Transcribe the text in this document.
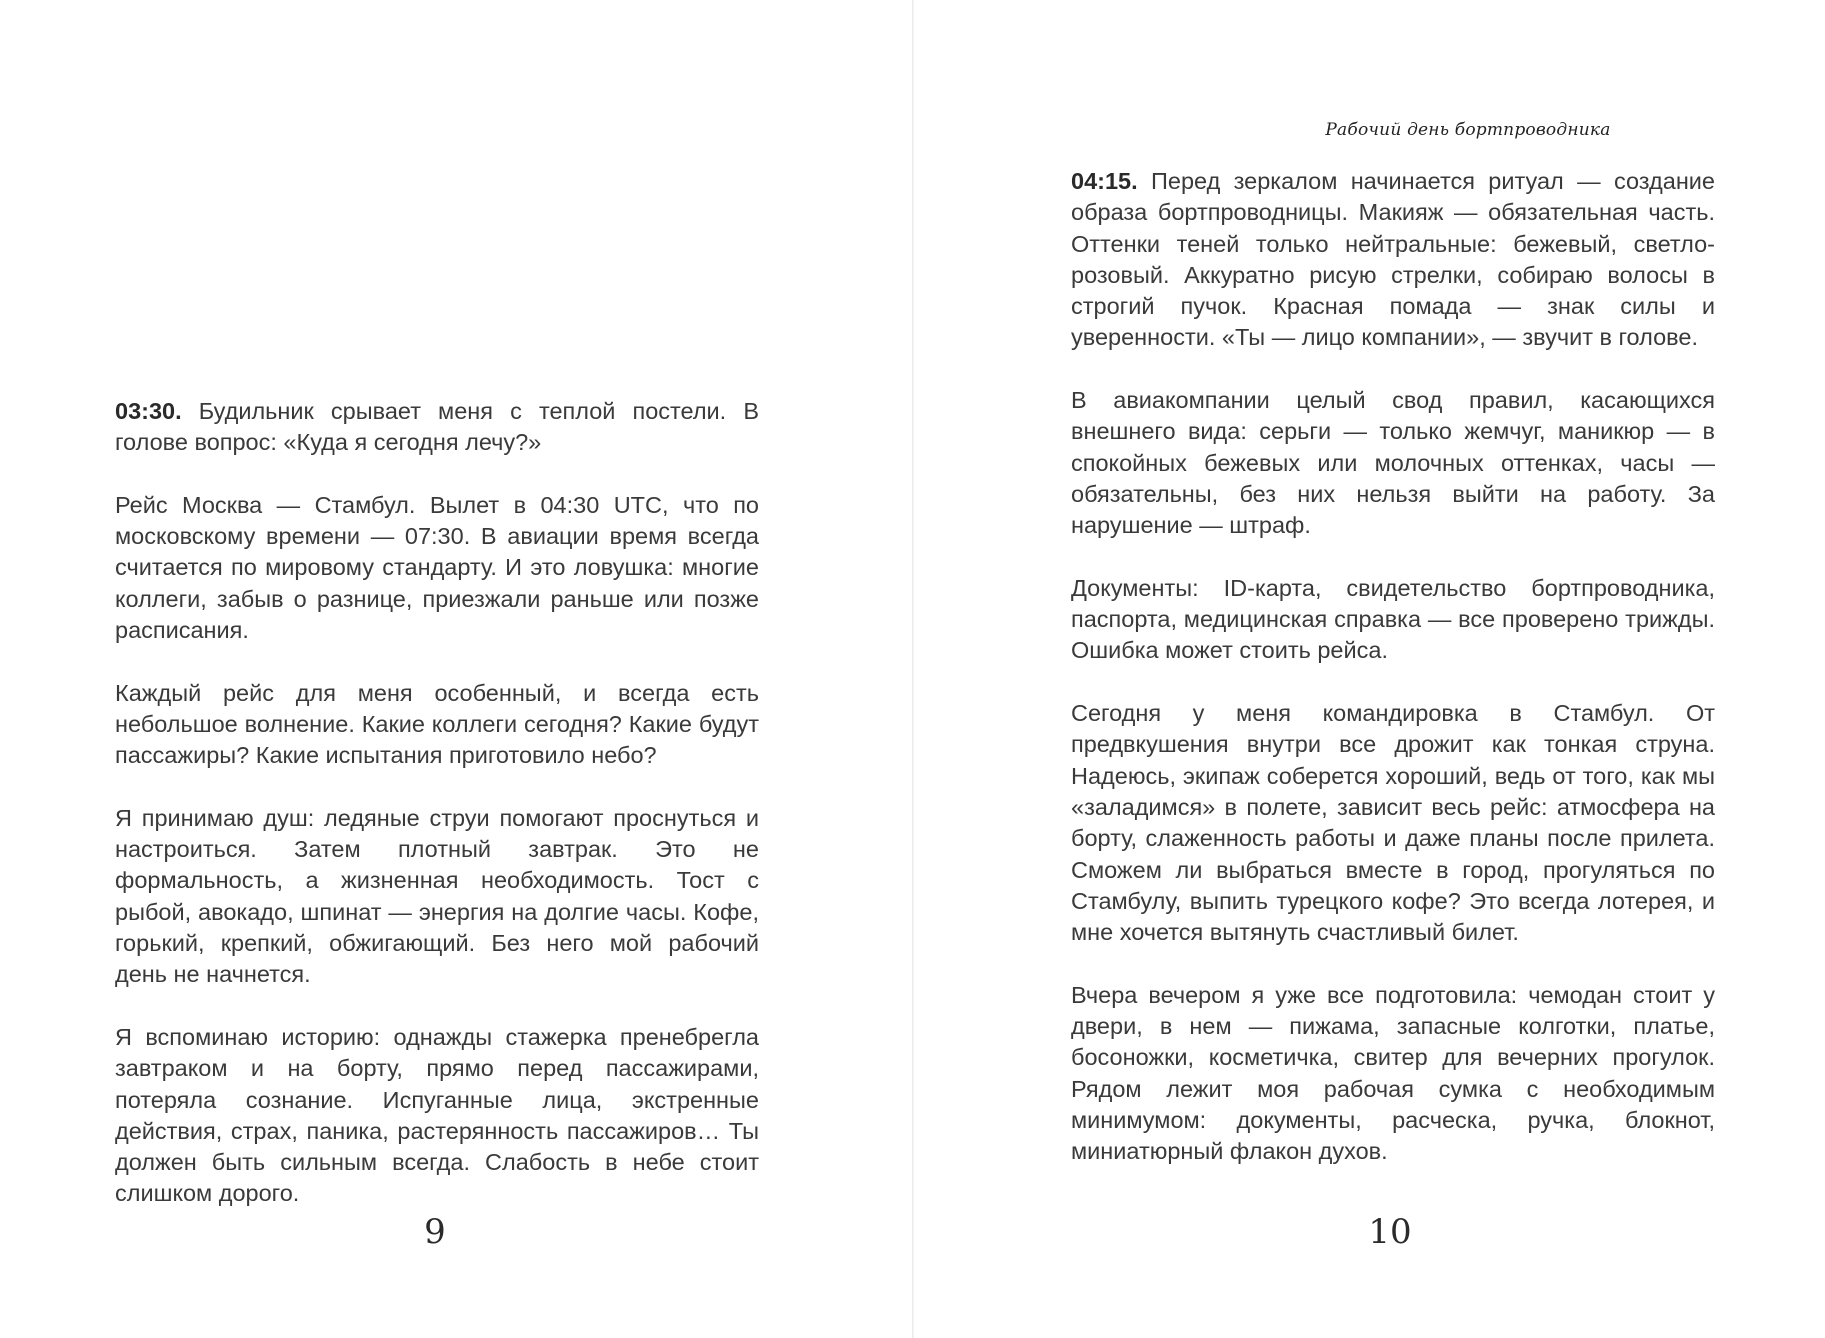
03:30. Будильник срывает меня с теплой постели. В голове вопрос: «Куда я сегодня лечу?»

Рейс Москва — Стамбул. Вылет в 04:30 UTC, что по московскому времени — 07:30. В авиации время всегда считается по мировому стандарту. И это ловушка: многие коллеги, забыв о разнице, приезжали раньше или позже расписания.

Каждый рейс для меня особенный, и всегда есть небольшое волнение. Какие коллеги сегодня? Какие будут пассажиры? Какие испытания приготовило небо?

Я принимаю душ: ледяные струи помогают проснуться и настроиться. Затем плотный завтрак. Это не формальность, а жизненная необходимость. Тост с рыбой, авокадо, шпинат — энергия на долгие часы. Кофе, горький, крепкий, обжигающий. Без него мой рабочий день не начнется.

Я вспоминаю историю: однажды стажерка пренебрегла завтраком и на борту, прямо перед пассажирами, потеряла сознание. Испуганные лица, экстренные действия, страх, паника, растерянность пассажиров… Ты должен быть сильным всегда. Слабость в небе стоит слишком дорого.

9
Рабочий день бортпроводника

04:15. Перед зеркалом начинается ритуал — создание образа бортпроводницы. Макияж — обязательная часть. Оттенки теней только нейтральные: бежевый, светло-розовый. Аккуратно рисую стрелки, собираю волосы в строгий пучок. Красная помада — знак силы и уверенности. «Ты — лицо компании», — звучит в голове.

В авиакомпании целый свод правил, касающихся внешнего вида: серьги — только жемчуг, маникюр — в спокойных бежевых или молочных оттенках, часы — обязательны, без них нельзя выйти на работу. За нарушение — штраф.

Документы: ID-карта, свидетельство бортпроводника, паспорта, медицинская справка — все проверено трижды. Ошибка может стоить рейса.

Сегодня у меня командировка в Стамбул. От предвкушения внутри все дрожит как тонкая струна. Надеюсь, экипаж соберется хороший, ведь от того, как мы «заладимся» в полете, зависит весь рейс: атмосфера на борту, слаженность работы и даже планы после прилета. Сможем ли выбраться вместе в город, прогуляться по Стамбулу, выпить турецкого кофе? Это всегда лотерея, и мне хочется вытянуть счастливый билет.

Вчера вечером я уже все подготовила: чемодан стоит у двери, в нем — пижама, запасные колготки, платье, босоножки, косметичка, свитер для вечерних прогулок. Рядом лежит моя рабочая сумка с необходимым минимумом: документы, расческа, ручка, блокнот, миниатюрный флакон духов.

10
